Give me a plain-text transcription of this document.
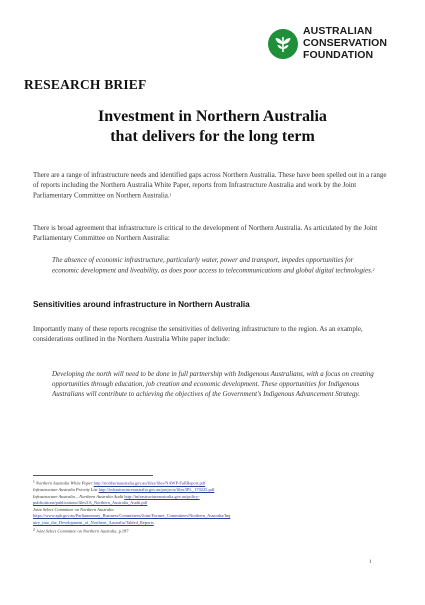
AUSTRALIAN
CONSERVATION
FOUNDATION
RESEARCH BRIEF
Investment in Northern Australia
that delivers for the long term
There are a range of infrastructure needs and identified gaps across Northern Australia. These have been spelled out in a range of reports including the Northern Australia White Paper, reports from Infrastructure Australia and work by the Joint Parliamentary Committee on Northern Australia.$^1$
There is broad agreement that infrastructure is critical to the development of Northern Australia. As articulated by the Joint Parliamentary Committee on Northern Australia:
The absence of economic infrastructure, particularly water, power and transport, impedes opportunities for economic development and liveability, as does poor access to telecommunications and global digital technologies.$^2$
Sensitivities around infrastructure in Northern Australia
Importantly many of these reports recognise the sensitivities of delivering infrastructure to the region. As an example, considerations outlined in the Northern Australia White paper include:
Developing the north will need to be done in full partnership with Indigenous Australians, with a focus on creating opportunities through education, job creation and economic development. These opportunities for Indigenous Australians will contribute to achieving the objectives of the Government's Indigenous Advancement Strategy.
$^1$ Northern Australia White Paper http://northernaustralia.gov.au/files/files/NAWP-FullReport.pdf
Infrastructure Australia Priority List http://infrastructureaustralia.gov.au/projects/files/IPL_170225.pdf
Infrastructure Australia – Northern Australia Audit http://infrastructureaustralia.gov.au/policy-
publications/publications/files/IA_Northern_Australia_Audit.pdf
Joint Select Committee on Northern Australia
https://www.aph.gov.au/Parliamentary_Business/Committees/Joint/Former_Committees/Northern_Australia/Inq
uiry_into_the_Development_of_Northern_Australia/Tabled_Reports
$^2$ Joint Select Committee on Northern Australia, p.187
1
